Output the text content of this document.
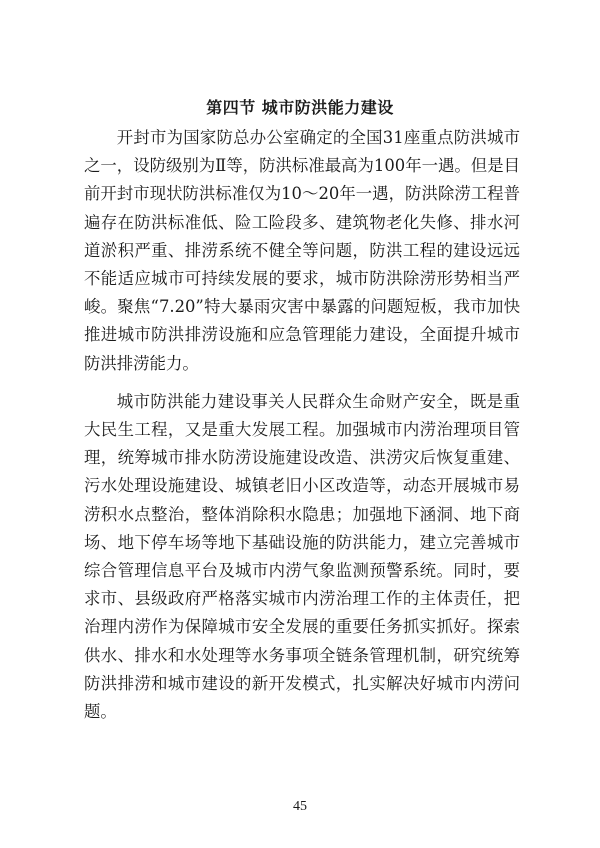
第四节 城市防洪能力建设

开封市为国家防总办公室确定的全国31座重点防洪城市之一，设防级别为Ⅱ等，防洪标准最高为100年一遇。但是目前开封市现状防洪标准仅为10～20年一遇，防洪除涝工程普遍存在防洪标准低、险工险段多、建筑物老化失修、排水河道淤积严重、排涝系统不健全等问题，防洪工程的建设远远不能适应城市可持续发展的要求，城市防洪除涝形势相当严峻。聚焦“7.20”特大暴雨灾害中暴露的问题短板，我市加快推进城市防洪排涝设施和应急管理能力建设，全面提升城市防洪排涝能力。

城市防洪能力建设事关人民群众生命财产安全，既是重大民生工程，又是重大发展工程。加强城市内涝治理项目管理，统筹城市排水防涝设施建设改造、洪涝灾后恢复重建、污水处理设施建设、城镇老旧小区改造等，动态开展城市易涝积水点整治，整体消除积水隐患；加强地下涵洞、地下商场、地下停车场等地下基础设施的防洪能力，建立完善城市综合管理信息平台及城市内涝气象监测预警系统。同时，要求市、县级政府严格落实城市内涝治理工作的主体责任，把治理内涝作为保障城市安全发展的重要任务抓实抓好。探索供水、排水和水处理等水务事项全链条管理机制，研究统筹防洪排涝和城市建设的新开发模式，扎实解决好城市内涝问题。

45
